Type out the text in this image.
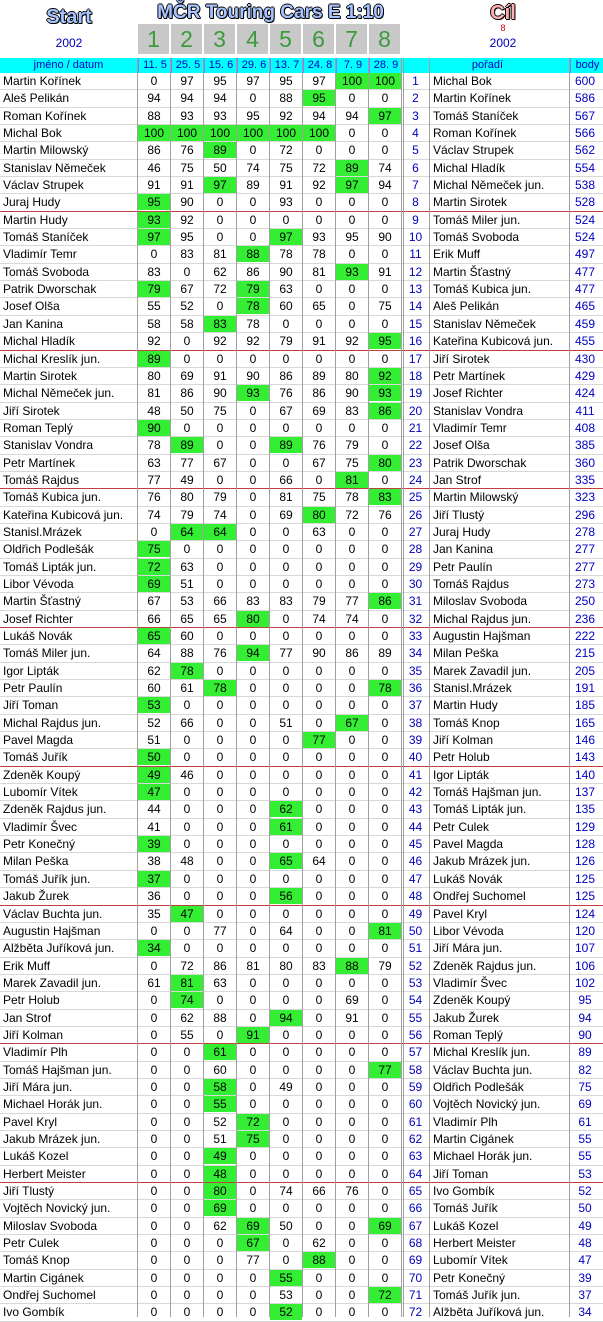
Start
2002
MČR Touring Cars E 1:10
1 2 3 4 5 6 7 8
Cíl
8
2002
jméno / datum	pořadí	body
11. 5 25. 5 15. 6 29. 6 13. 7 24. 8	7. 9	28. 9
Martin Kořínek	0	97	95	97	95	97	100	100	1	Michal Bok	600
Aleš Pelikán	94	94	94	0	88	95	0	0	2	Martin Kořínek	586
Roman Kořínek	88	93	93	95	92	94	94	97	3	Tomáš Staníček	567
Michal Bok	100	100	100	100	100	100	0	0	4	Roman Kořínek	566
Martin Milowský	86	76	89	0	72	0	0	0	5	Václav Strupek	562
Stanislav Němeček	46	75	50	74	75	72	89	74	6	Michal Hladík	554
Václav Strupek	91	91	97	89	91	92	97	94	7	Michal Němeček jun.	538
Juraj Hudy	95	90	0	0	93	0	0	0	8	Martin Sirotek	528
Martin Hudy	93	92	0	0	0	0	0	0	9	Tomáš Miler jun.	524
Tomáš Staníček	97	95	0	0	97	93	95	90	10 Tomáš Svoboda	524
Vladimír Temr	0	83	81	88	78	78	0	0	11 Erik Muff	497
Tomáš Svoboda	83	0	62	86	90	81	93	91	12 Martin Šťastný	477
Patrik Dworschak	79	67	72	79	63	0	0	0	13 Tomáš Kubica jun.	477
Josef Olša	55	52	0	78	60	65	0	75	14 Aleš Pelikán	465
Jan Kanina	58	58	83	78	0	0	0	0	15 Stanislav Němeček	459
Michal Hladík	92	0	92	92	79	91	92	95	16 Kateřina Kubicová jun.	455
Michal Kreslík jun.	89	0	0	0	0	0	0	0	17 Jiří Sirotek	430
Martin Sirotek	80	69	91	90	86	89	80	92	18 Petr Martínek	429
Michal Němeček jun.	81	86	90	93	76	86	90	93	19 Josef Richter	424
Jiří Sirotek	48	50	75	0	67	69	83	86	20 Stanislav Vondra	411
Roman Teplý	90	0	0	0	0	0	0	0	21 Vladimír Temr	408
Stanislav Vondra	78	89	0	0	89	76	79	0	22 Josef Olša	385
Petr Martínek	63	77	67	0	0	67	75	80	23 Patrik Dworschak	360
Tomáš Rajdus	77	49	0	0	66	0	81	0	24 Jan Strof	335
Tomáš Kubica jun.	76	80	79	0	81	75	78	83	25 Martin Milowský	323
Kateřina Kubicová jun.	74	79	74	0	69	80	72	76	26 Jiří Tlustý	296
Stanisl.Mrázek	0	64	64	0	0	63	0	0	27 Juraj Hudy	278
Oldřich Podlešák	75	0	0	0	0	0	0	0	28 Jan Kanina	277
Tomáš Lipták jun.	72	63	0	0	0	0	0	0	29 Petr Paulín	277
Libor Vévoda	69	51	0	0	0	0	0	0	30 Tomáš Rajdus	273
Martin Šťastný	67	53	66	83	83	79	77	86	31 Miloslav Svoboda	250
Josef Richter	66	65	65	80	0	74	74	0	32 Michal Rajdus jun.	236
Lukáš Novák	65	60	0	0	0	0	0	0	33 Augustin Hajšman	222
Tomáš Miler jun.	64	88	76	94	77	90	86	89	34 Milan Peška	215
Igor Lipták	62	78	0	0	0	0	0	0	35 Marek Zavadil jun.	205
Petr Paulín	60	61	78	0	0	0	0	78	36 Stanisl.Mrázek	191
Jiří Toman	53	0	0	0	0	0	0	0	37 Martin Hudy	185
Michal Rajdus jun.	52	66	0	0	51	0	67	0	38 Tomáš Knop	165
Pavel Magda	51	0	0	0	0	77	0	0	39 Jiří Kolman	146
Tomáš Juřík	50	0	0	0	0	0	0	0	40 Petr Holub	143
Zdeněk Koupý	49	46	0	0	0	0	0	0	41 Igor Lipták	140
Lubomír Vítek	47	0	0	0	0	0	0	0	42 Tomáš Hajšman jun.	137
Zdeněk Rajdus jun.	44	0	0	0	62	0	0	0	43 Tomáš Lipták jun.	135
Vladimír Švec	41	0	0	0	61	0	0	0	44 Petr Culek	129
Petr Konečný	39	0	0	0	0	0	0	0	45 Pavel Magda	128
Milan Peška	38	48	0	0	65	64	0	0	46 Jakub Mrázek jun.	126
Tomáš Juřík jun.	37	0	0	0	0	0	0	0	47 Lukáš Novák	125
Jakub Žurek	36	0	0	0	56	0	0	0	48 Ondřej Suchomel	125
Václav Buchta jun.	35	47	0	0	0	0	0	0	49 Pavel Kryl	124
Augustin Hajšman	0	0	77	0	64	0	0	81	50 Libor Vévoda	120
Alžběta Juříková jun.	34	0	0	0	0	0	0	0	51 Jiří Mára jun.	107
Erik Muff	0	72	86	81	80	83	88	79	52 Zdeněk Rajdus jun.	106
Marek Zavadil jun.	61	81	63	0	0	0	0	0	53 Vladimír Švec	102
Petr Holub	0	74	0	0	0	0	69	0	54 Zdeněk Koupý	95
Jan Strof	0	62	88	0	94	0	91	0	55 Jakub Žurek	94
Jiří Kolman	0	55	0	91	0	0	0	0	56 Roman Teplý	90
Vladimír Plh	0	0	61	0	0	0	0	0	57 Michal Kreslík jun.	89
Tomáš Hajšman jun.	0	0	60	0	0	0	0	77	58 Václav Buchta jun.	82
Jiří Mára jun.	0	0	58	0	49	0	0	0	59 Oldřich Podlešák	75
Michael Horák jun.	0	0	55	0	0	0	0	0	60 Vojtěch Novický jun.	69
Pavel Kryl	0	0	52	72	0	0	0	0	61 Vladimír Plh	61
Jakub Mrázek jun.	0	0	51	75	0	0	0	0	62 Martin Cigánek	55
Lukáš Kozel	0	0	49	0	0	0	0	0	63 Michael Horák jun.	55
Herbert Meister	0	0	48	0	0	0	0	0	64 Jiří Toman	53
Jiří Tlustý	0	0	80	0	74	66	76	0	65 Ivo Gombík	52
Vojtěch Novický jun.	0	0	69	0	0	0	0	0	66 Tomáš Juřík	50
Miloslav Svoboda	0	0	62	69	50	0	0	69	67 Lukáš Kozel	49
Petr Culek	0	0	0	67	0	62	0	0	68 Herbert Meister	48
Tomáš Knop	0	0	0	77	0	88	0	0	69 Lubomír Vítek	47
Martin Cigánek	0	0	0	0	55	0	0	0	70 Petr Konečný	39
Ondřej Suchomel	0	0	0	0	53	0	0	72	71 Tomáš Juřík jun.	37
Ivo Gombík	0	0	0	0	52	0	0	0	72 Alžběta Juříková jun.	34
